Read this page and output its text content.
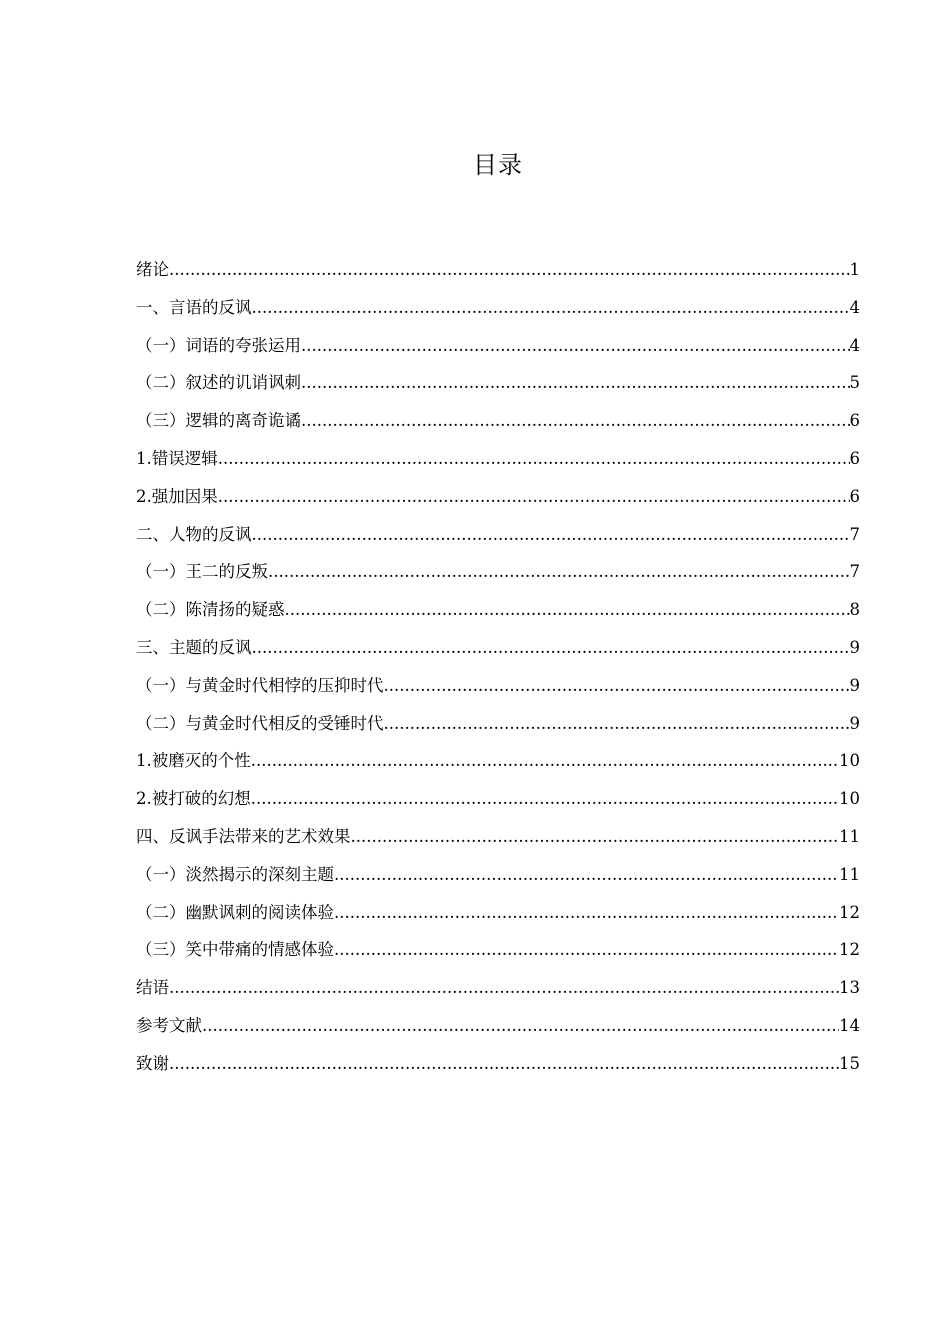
目录
绪论 .....	1
一、言语的反讽 .....	4
（一）词语的夸张运用 .....	4
（二）叙述的讥诮讽刺 .....	5
（三）逻辑的离奇诡谲 .....	6
1.错误逻辑 .....	6
2.强加因果 .....	6
二、人物的反讽 .....	7
（一）王二的反叛 .....	7
（二）陈清扬的疑惑 .....	8
三、主题的反讽 .....	9
（一）与黄金时代相悖的压抑时代 .....	9
（二）与黄金时代相反的受锤时代 .....	9
1.被磨灭的个性 .....	10
2.被打破的幻想 .....	10
四、反讽手法带来的艺术效果 .....	11
（一）淡然揭示的深刻主题 .....	11
（二）幽默讽刺的阅读体验 .....	12
（三）笑中带痛的情感体验 .....	12
结语 .....	13
参考文献 .....	14
致谢 .....	15
